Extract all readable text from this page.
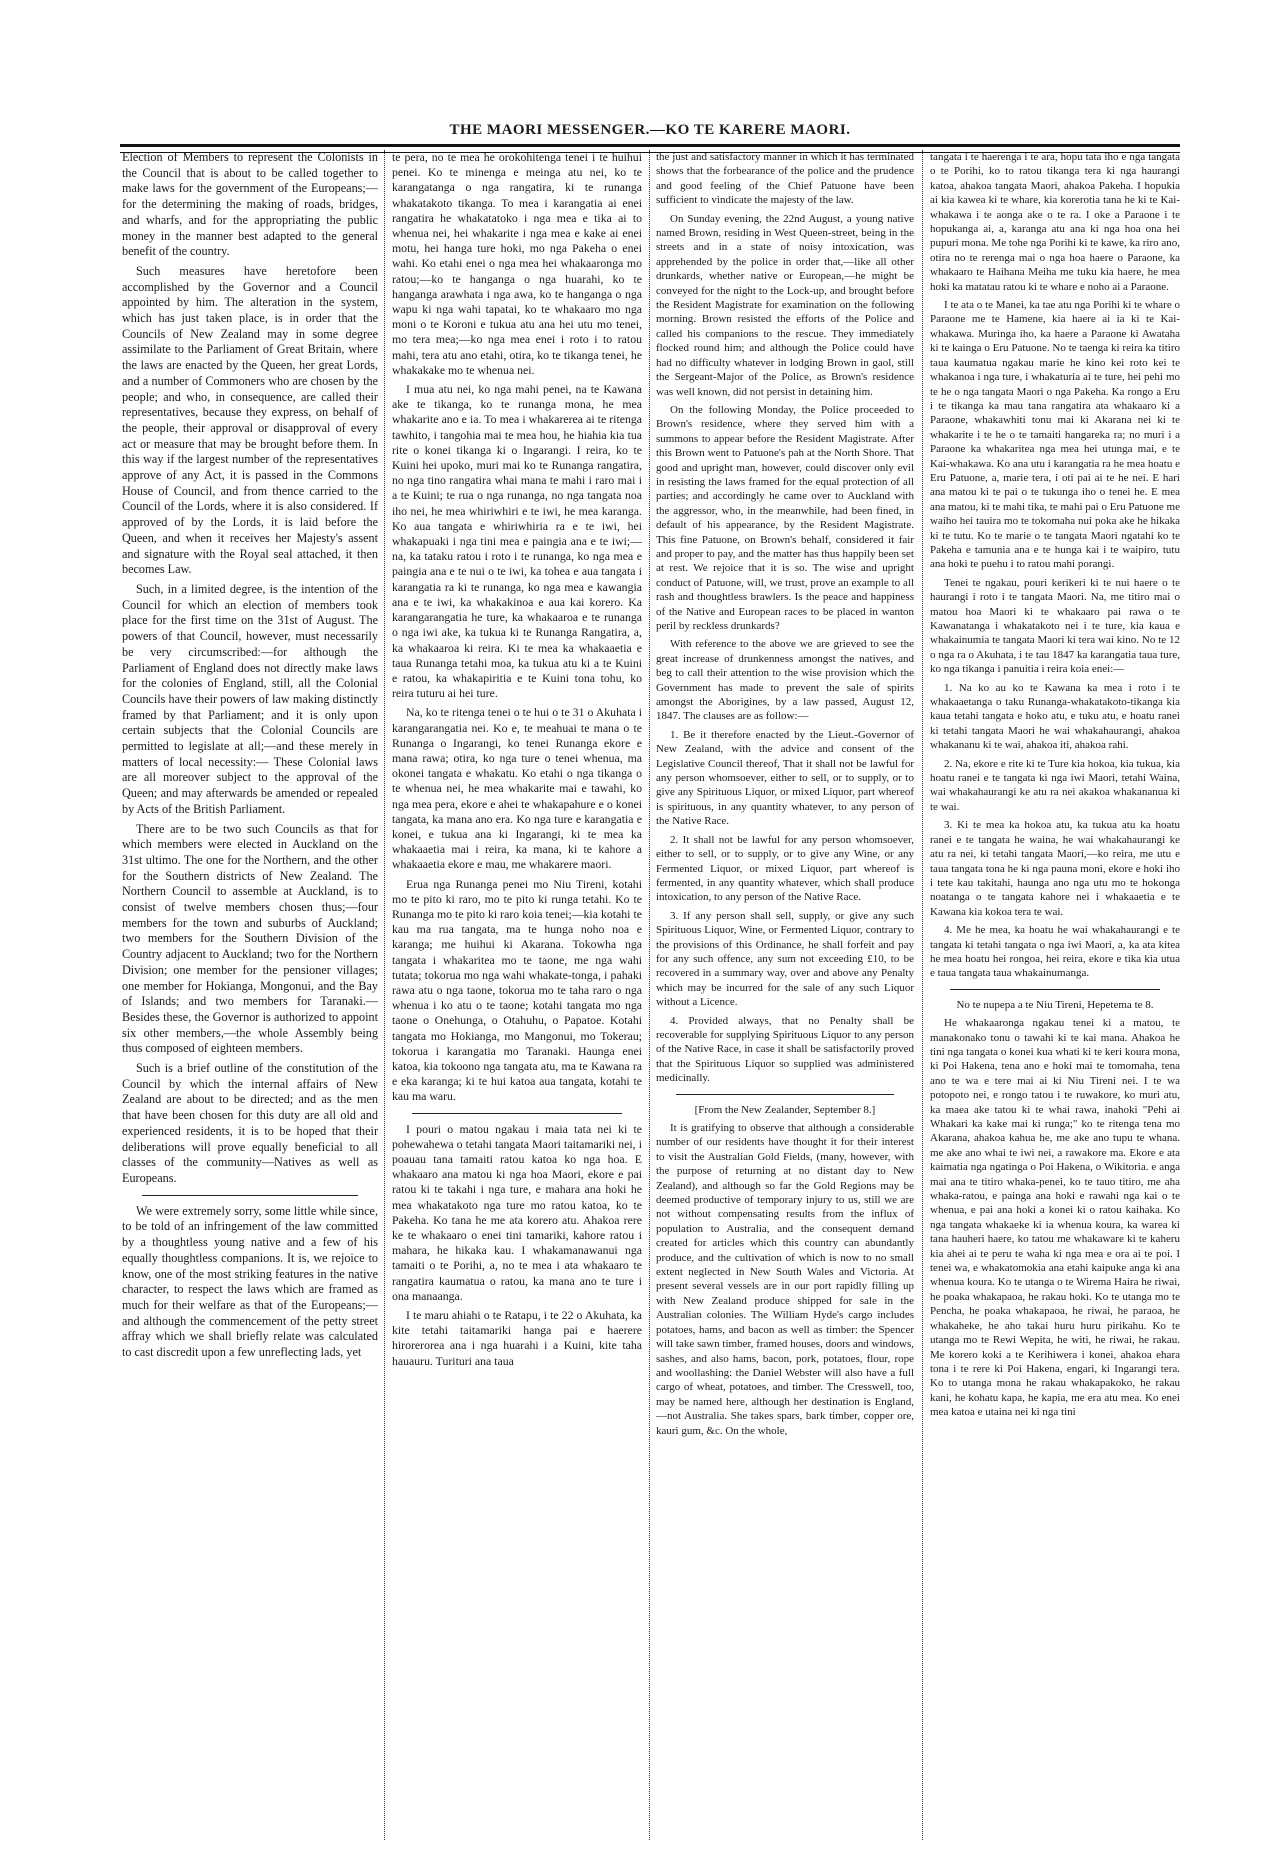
THE MAORI MESSENGER.—KO TE KARERE MAORI.

Election of Members to represent the Colonists in the Council that is about to be called together to make laws for the government of the Europeans;—for the determining the making of roads, bridges, and wharfs, and for the appropriating the public money in the manner best adapted to the general benefit of the country.

Such measures have heretofore been accomplished by the Governor and a Council appointed by him. The alteration in the system, which has just taken place, is in order that the Councils of New Zealand may in some degree assimilate to the Parliament of Great Britain, where the laws are enacted by the Queen, her great Lords, and a number of Commoners who are chosen by the people; and who, in consequence, are called their representatives, because they express, on behalf of the people, their approval or disapproval of every act or measure that may be brought before them. In this way if the largest number of the representatives approve of any Act, it is passed in the Commons House of Council, and from thence carried to the Council of the Lords, where it is also considered. If approved of by the Lords, it is laid before the Queen, and when it receives her Majesty's assent and signature with the Royal seal attached, it then becomes Law.

Such, in a limited degree, is the intention of the Council for which an election of members took place for the first time on the 31st of August. The powers of that Council, however, must necessarily be very circumscribed:—for although the Parliament of England does not directly make laws for the colonies of England, still, all the Colonial Councils have their powers of law making distinctly framed by that Parliament; and it is only upon certain subjects that the Colonial Councils are permitted to legislate at all;—and these merely in matters of local necessity:— These Colonial laws are all moreover subject to the approval of the Queen; and may afterwards be amended or repealed by Acts of the British Parliament.

There are to be two such Councils as that for which members were elected in Auckland on the 31st ultimo. The one for the Northern, and the other for the Southern districts of New Zealand. The Northern Council to assemble at Auckland, is to consist of twelve members chosen thus;—four members for the town and suburbs of Auckland; two members for the Southern Division of the Country adjacent to Auckland; two for the Northern Division; one member for the pensioner villages; one member for Hokianga, Mongonui, and the Bay of Islands; and two members for Taranaki.—Besides these, the Governor is authorized to appoint six other members,—the whole Assembly being thus composed of eighteen members.

Such is a brief outline of the constitution of the Council by which the internal affairs of New Zealand are about to be directed; and as the men that have been chosen for this duty are all old and experienced residents, it is to be hoped that their deliberations will prove equally beneficial to all classes of the community—Natives as well as Europeans.

We were extremely sorry, some little while since, to be told of an infringement of the law committed by a thoughtless young native and a few of his equally thoughtless companions. It is, we rejoice to know, one of the most striking features in the native character, to respect the laws which are framed as much for their welfare as that of the Europeans;—and although the commencement of the petty street affray which we shall briefly relate was calculated to cast discredit upon a few unreflecting lads, yet

te pera, no te mea he orokohitenga tenei i te huihui penei. Ko te minenga e meinga atu nei, ko te karangatanga o nga rangatira, ki te runanga whakatakoto tikanga. To mea i karangatia ai enei rangatira he whakatatoko i nga mea e tika ai to whenua nei, hei whakarite i nga mea e kake ai enei motu, hei hanga ture hoki, mo nga Pakeha o enei wahi. Ko etahi enei o nga mea hei whakaaronga mo ratou;—ko te hanganga o nga huarahi, ko te hanganga arawhata i nga awa, ko te hanganga o nga wapu ki nga wahi tapatai, ko te whakaaro mo nga moni o te Koroni e tukua atu ana hei utu mo tenei, mo tera mea;—ko nga mea enei i roto i to ratou mahi, tera atu ano etahi, otira, ko te tikanga tenei, he whakakake mo te whenua nei.

I mua atu nei, ko nga mahi penei, na te Kawana ake te tikanga, ko te runanga mona, he mea whakarite ano e ia. To mea i whakarerea ai te ritenga tawhito, i tangohia mai te mea hou, he hiahia kia tua rite o konei tikanga ki o Ingarangi. I reira, ko te Kuini hei upoko, muri mai ko te Runanga rangatira, no nga tino rangatira whai mana te mahi i raro mai i a te Kuini; te rua o nga runanga, no nga tangata noa iho nei, he mea whiriwhiri e te iwi, he mea karanga. Ko aua tangata e whiriwhiria ra e te iwi, hei whakapuaki i nga tini mea e paingia ana e te iwi;—na, ka tataku ratou i roto i te runanga, ko nga mea e paingia ana e te nui o te iwi, ka tohea e aua tangata i karangatia ra ki te runanga, ko nga mea e kawangia ana e te iwi, ka whakakinoa e aua kai korero. Ka karangarangatia he ture, ka whakaaroa e te runanga o nga iwi ake, ka tukua ki te Runanga Rangatira, a, ka whakaaroa ki reira. Ki te mea ka whakaaetia e taua Runanga tetahi moa, ka tukua atu ki a te Kuini e ratou, ka whakapiritia e te Kuini tona tohu, ko reira tuturu ai hei ture.

Na, ko te ritenga tenei o te hui o te 31 o Akuhata i karangarangatia nei. Ko e, te meahuai te mana o te Runanga o Ingarangi, ko tenei Runanga ekore e mana rawa; otira, ko nga ture o tenei whenua, ma okonei tangata e whakatu. Ko etahi o nga tikanga o te whenua nei, he mea whakarite mai e tawahi, ko nga mea pera, ekore e ahei te whakapahure e o konei tangata, ka mana ano era. Ko nga ture e karangatia e konei, e tukua ana ki Ingarangi, ki te mea ka whakaaetia mai i reira, ka mana, ki te kahore a whakaaetia ekore e mau, me whakarere maori.

Erua nga Runanga penei mo Niu Tireni, kotahi mo te pito ki raro, mo te pito ki runga tetahi. Ko te Runanga mo te pito ki raro koia tenei;—kia kotahi te kau ma rua tangata, ma te hunga noho noa e karanga; me huihui ki Akarana. Tokowha nga tangata i whakaritea mo te taone, me nga wahi tutata; tokorua mo nga wahi whakate-tonga, i pahaki rawa atu o nga taone, tokorua mo te taha raro o nga whenua i ko atu o te taone; kotahi tangata mo nga taone o Onehunga, o Otahuhu, o Papatoe. Kotahi tangata mo Hokianga, mo Mangonui, mo Tokerau; tokorua i karangatia mo Taranaki. Haunga enei katoa, kia tokoono nga tangata atu, ma te Kawana ra e eka karanga; ki te hui katoa aua tangata, kotahi te kau ma waru.

I pouri o matou ngakau i maia tata nei ki te pohewahewa o tetahi tangata Maori taitamariki nei, i poauau tana tamaiti ratou katoa ko nga hoa. E whakaaro ana matou ki nga hoa Maori, ekore e pai ratou ki te takahi i nga ture, e mahara ana hoki he mea whakatakoto nga ture mo ratou katoa, ko te Pakeha. Ko tana he me ata korero atu. Ahakoa rere ke te whakaaro o enei tini tamariki, kahore ratou i mahara, he hikaka kau. I whakamanawanui nga tamaiti o te Porihi, a, no te mea i ata whakaaro te rangatira kaumatua o ratou, ka mana ano te ture i ona manaanga.

I te maru ahiahi o te Ratapu, i te 22 o Akuhata, ka kite tetahi taitamariki hanga pai e haerere hirorerorea ana i nga huarahi i a Kuini, kite taha hauauru. Turituri ana taua

the just and satisfactory manner in which it has terminated shows that the forbearance of the police and the prudence and good feeling of the Chief Patuone have been sufficient to vindicate the majesty of the law.

On Sunday evening, the 22nd August, a young native named Brown, residing in West Queen-street, being in the streets and in a state of noisy intoxication, was apprehended by the police in order that,—like all other drunkards, whether native or European,—he might be conveyed for the night to the Lock-up, and brought before the Resident Magistrate for examination on the following morning. Brown resisted the efforts of the Police and called his companions to the rescue. They immediately flocked round him; and although the Police could have had no difficulty whatever in lodging Brown in gaol, still the Sergeant-Major of the Police, as Brown's residence was well known, did not persist in detaining him.

On the following Monday, the Police proceeded to Brown's residence, where they served him with a summons to appear before the Resident Magistrate. After this Brown went to Patuone's pah at the North Shore. That good and upright man, however, could discover only evil in resisting the laws framed for the equal protection of all parties; and accordingly he came over to Auckland with the aggressor, who, in the meanwhile, had been fined, in default of his appearance, by the Resident Magistrate. This fine Patuone, on Brown's behalf, considered it fair and proper to pay, and the matter has thus happily been set at rest. We rejoice that it is so. The wise and upright conduct of Patuone, will, we trust, prove an example to all rash and thoughtless brawlers. Is the peace and happiness of the Native and European races to be placed in wanton peril by reckless drunkards?

With reference to the above we are grieved to see the great increase of drunkenness amongst the natives, and beg to call their attention to the wise provision which the Government has made to prevent the sale of spirits amongst the Aborigines, by a law passed, August 12, 1847. The clauses are as follow:—

1. Be it therefore enacted by the Lieut.-Governor of New Zealand, with the advice and consent of the Legislative Council thereof, That it shall not be lawful for any person whomsoever, either to sell, or to supply, or to give any Spirituous Liquor, or mixed Liquor, part whereof is spirituous, in any quantity whatever, to any person of the Native Race.

2. It shall not be lawful for any person whomsoever, either to sell, or to supply, or to give any Wine, or any Fermented Liquor, or mixed Liquor, part whereof is fermented, in any quantity whatever, which shall produce intoxication, to any person of the Native Race.

3. If any person shall sell, supply, or give any such Spirituous Liquor, Wine, or Fermented Liquor, contrary to the provisions of this Ordinance, he shall forfeit and pay for any such offence, any sum not exceeding £10, to be recovered in a summary way, over and above any Penalty which may be incurred for the sale of any such Liquor without a Licence.

4. Provided always, that no Penalty shall be recoverable for supplying Spirituous Liquor to any person of the Native Race, in case it shall be satisfactorily proved that the Spirituous Liquor so supplied was administered medicinally.

[From the New Zealander, September 8.]

It is gratifying to observe that although a considerable number of our residents have thought it for their interest to visit the Australian Gold Fields, (many, however, with the purpose of returning at no distant day to New Zealand), and although so far the Gold Regions may be deemed productive of temporary injury to us, still we are not without compensating results from the influx of population to Australia, and the consequent demand created for articles which this country can abundantly produce, and the cultivation of which is now to no small extent neglected in New South Wales and Victoria. At present several vessels are in our port rapidly filling up with New Zealand produce shipped for sale in the Australian colonies. The William Hyde's cargo includes potatoes, hams, and bacon as well as timber: the Spencer will take sawn timber, framed houses, doors and windows, sashes, and also hams, bacon, pork, potatoes, flour, rope and woollashing: the Daniel Webster will also have a full cargo of wheat, potatoes, and timber. The Cresswell, too, may be named here, although her destination is England,—not Australia. She takes spars, bark timber, copper ore, kauri gum, &c. On the whole,

tangata i te haerenga i te ara, hopu tata iho e nga tangata o te Porihi, ko to ratou tikanga tera ki nga haurangi katoa, ahakoa tangata Maori, ahakoa Pakeha. I hopukia ai kia kawea ki te whare, kia korerotia tana he ki te Kai-whakawa i te aonga ake o te ra. I oke a Paraone i te hopukanga ai, a, karanga atu ana ki nga hoa ona hei pupuri mona. Me tohe nga Porihi ki te kawe, ka riro ano, otira no te rerenga mai o nga hoa haere o Paraone, ka whakaaro te Haihana Meiha me tuku kia haere, he mea hoki ka matatau ratou ki te whare e noho ai a Paraone.

I te ata o te Manei, ka tae atu nga Porihi ki te whare o Paraone me te Hamene, kia haere ai ia ki te Kai-whakawa. Muringa iho, ka haere a Paraone ki Awataha ki te kainga o Eru Patuone. No te taenga ki reira ka titiro taua kaumatua ngakau marie he kino kei roto kei te whakanoa i nga ture, i whakaturia ai te ture, hei pehi mo te he o nga tangata Maori o nga Pakeha. Ka rongo a Eru i te tikanga ka mau tana rangatira ata whakaaro ki a Paraone, whakawhiti tonu mai ki Akarana nei ki te whakarite i te he o te tamaiti hangareka ra; no muri i a Paraone ka whakaritea nga mea hei utunga mai, e te Kai-whakawa. Ko ana utu i karangatia ra he mea hoatu e Eru Patuone, a, marie tera, i oti pai ai te he nei. E hari ana matou ki te pai o te tukunga iho o tenei he. E mea ana matou, ki te mahi tika, te mahi pai o Eru Patuone me waiho hei tauira mo te tokomaha nui poka ake he hikaka ki te tutu. Ko te marie o te tangata Maori ngatahi ko te Pakeha e tamunia ana e te hunga kai i te waipiro, tutu ana hoki te puehu i to ratou mahi porangi.

Tenei te ngakau, pouri kerikeri ki te nui haere o te haurangi i roto i te tangata Maori. Na, me titiro mai o matou hoa Maori ki te whakaaro pai rawa o te Kawanatanga i whakatakoto nei i te ture, kia kaua e whakainumia te tangata Maori ki tera wai kino. No te 12 o nga ra o Akuhata, i te tau 1847 ka karangatia taua ture, ko nga tikanga i panuitia i reira koia enei:—

1. Na ko au ko te Kawana ka mea i roto i te whakaaetanga o taku Runanga-whakatakoto-tikanga kia kaua tetahi tangata e hoko atu, e tuku atu, e hoatu ranei ki tetahi tangata Maori he wai whakahaurangi, ahakoa whakananu ki te wai, ahakoa iti, ahakoa rahi.

2. Na, ekore e rite ki te Ture kia hokoa, kia tukua, kia hoatu ranei e te tangata ki nga iwi Maori, tetahi Waina, wai whakahaurangi ke atu ra nei akakoa whakananua ki te wai.

3. Ki te mea ka hokoa atu, ka tukua atu ka hoatu ranei e te tangata he waina, he wai whakahaurangi ke atu ra nei, ki tetahi tangata Maori,—ko reira, me utu e taua tangata tona he ki nga pauna moni, ekore e hoki iho i tete kau takitahi, haunga ano nga utu mo te hokonga noatanga o te tangata kahore nei i whakaaetia e te Kawana kia kokoa tera te wai.

4. Me he mea, ka hoatu he wai whakahaurangi e te tangata ki tetahi tangata o nga iwi Maori, a, ka ata kitea he mea hoatu hei rongoa, hei reira, ekore e tika kia utua e taua tangata taua whakainumanga.

No te nupepa a te Niu Tireni, Hepetema te 8.

He whakaaronga ngakau tenei ki a matou, te manakonako tonu o tawahi ki te kai mana. Ahakoa he tini nga tangata o konei kua whati ki te keri koura mona, ki Poi Hakena, tena ano e hoki mai te tomomaha, tena ano te wa e tere mai ai ki Niu Tireni nei. I te wa potopoto nei, e rongo tatou i te ruwakore, ko muri atu, ka maea ake tatou ki te whai rawa, inahoki "Pehi ai Whakari ka kake mai ki runga;" ko te ritenga tena mo Akarana, ahakoa kahua he, me ake ano tupu te whana. me ake ano whai te iwi nei, a rawakore ma. Ekore e ata kaimatia nga ngatinga o Poi Hakena, o Wikitoria. e anga mai ana te titiro whaka-penei, ko te tauo titiro, me aha whaka-ratou, e painga ana hoki e rawahi nga kai o te whenua, e pai ana hoki a konei ki o ratou kaihaka. Ko nga tangata whakaeke ki ia whenua koura, ka warea ki tana hauheri haere, ko tatou me whakaware ki te kaheru kia ahei ai te peru te waha ki nga mea e ora ai te poi. I tenei wa, e whakatomokia ana etahi kaipuke anga ki ana whenua koura. Ko te utanga o te Wirema Haira he riwai, he poaka whakapaoa, he rakau hoki. Ko te utanga mo te Pencha, he poaka whakapaoa, he riwai, he paraoa, he whakaheke, he aho takai huru huru pirikahu. Ko te utanga mo te Rewi Wepita, he witi, he riwai, he rakau. Me korero koki a te Kerihiwera i konei, ahakoa ehara tona i te rere ki Poi Hakena, engari, ki Ingarangi tera. Ko to utanga mona he rakau whakapakoko, he rakau kani, he kohatu kapa, he kapia, me era atu mea. Ko enei mea katoa e utaina nei ki nga tini
